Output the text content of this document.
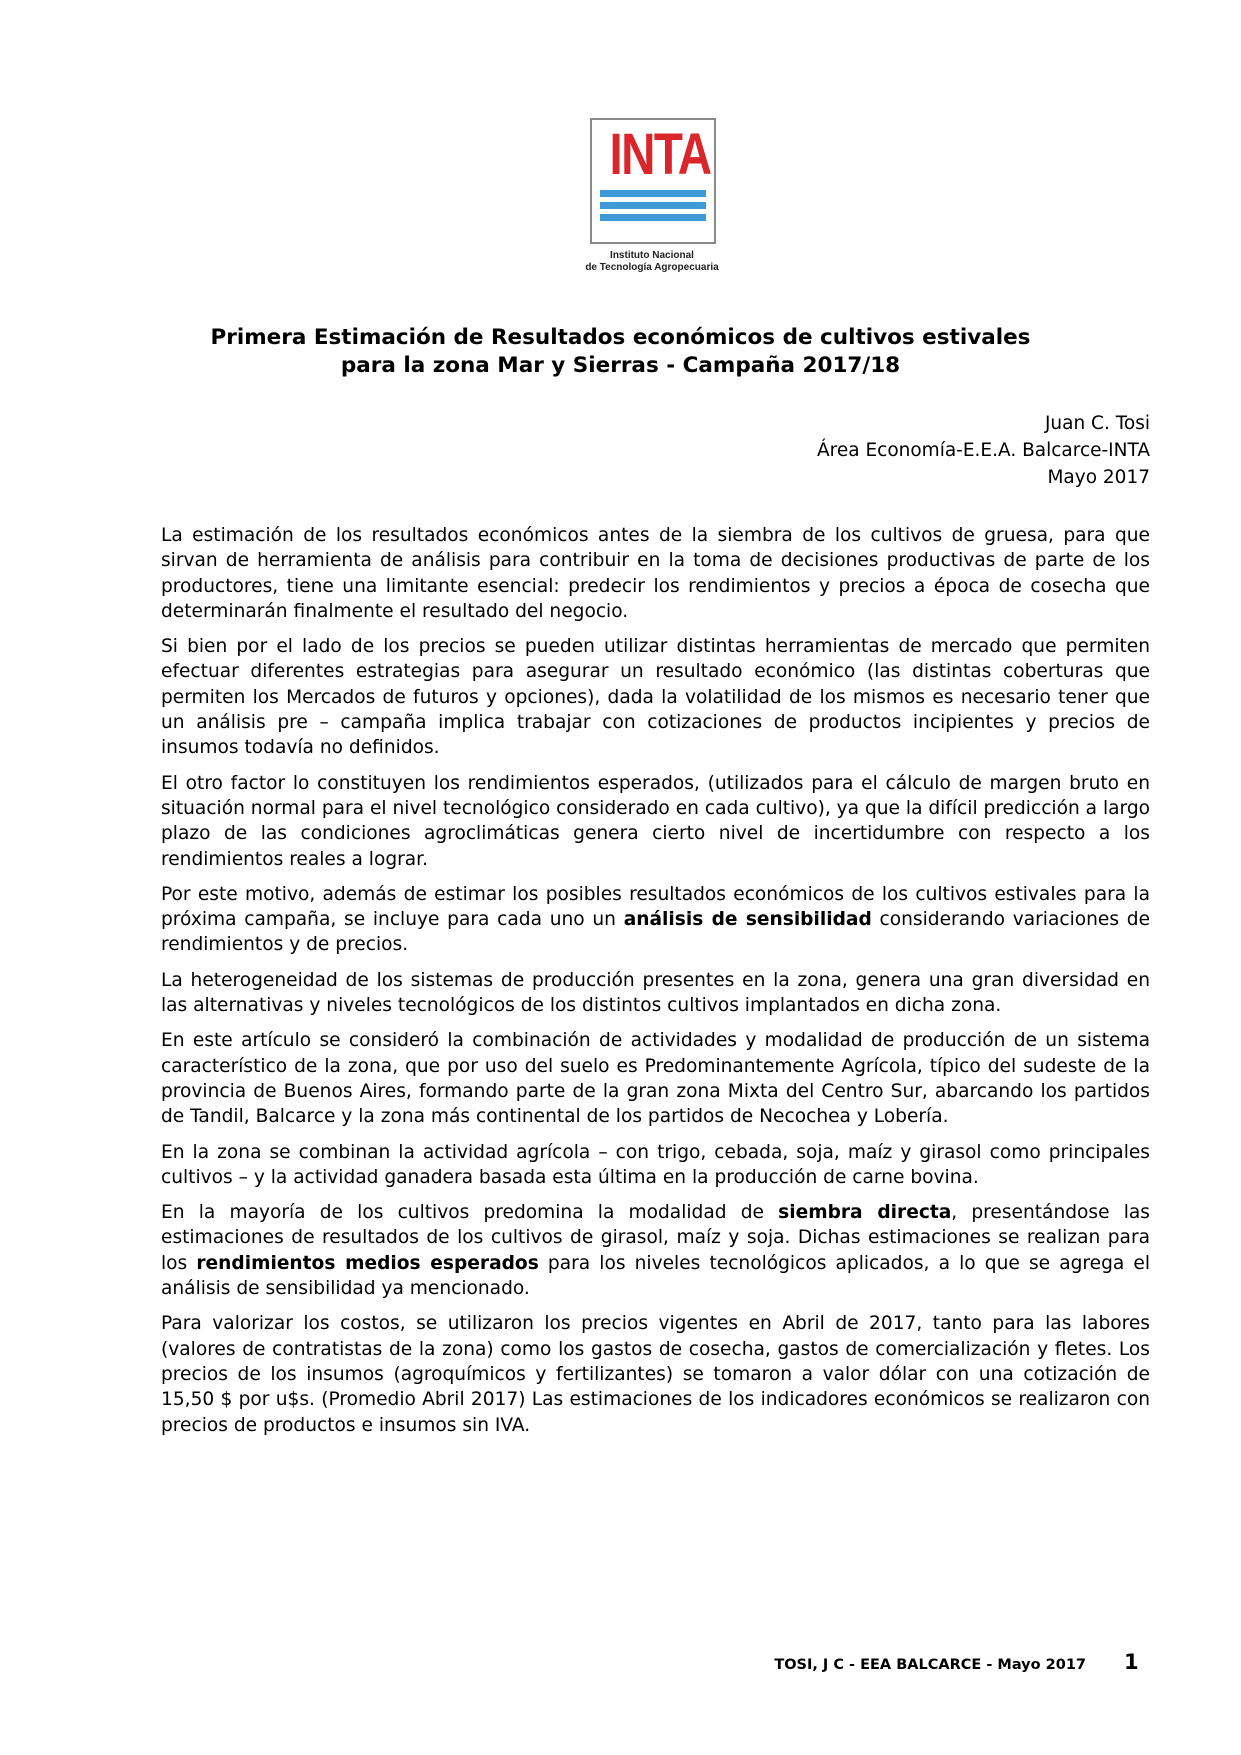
INTA
Instituto Nacional
de Tecnología Agropecuaria
Primera Estimación de Resultados económicos de cultivos estivales
para la zona Mar y Sierras - Campaña 2017/18
Juan C. Tosi
Área Economía-E.E.A. Balcarce-INTA
Mayo 2017

La estimación de los resultados económicos antes de la siembra de los cultivos de gruesa, para que sirvan de herramienta de análisis para contribuir en la toma de decisiones productivas de parte de los productores, tiene una limitante esencial: predecir los rendimientos y precios a época de cosecha que determinarán finalmente el resultado del negocio.

Si bien por el lado de los precios se pueden utilizar distintas herramientas de mercado que permiten efectuar diferentes estrategias para asegurar un resultado económico (las distintas coberturas que permiten los Mercados de futuros y opciones), dada la volatilidad de los mismos es necesario tener que un análisis pre – campaña implica trabajar con cotizaciones de productos incipientes y precios de insumos todavía no definidos.

El otro factor lo constituyen los rendimientos esperados, (utilizados para el cálculo de margen bruto en situación normal para el nivel tecnológico considerado en cada cultivo), ya que la difícil predicción a largo plazo de las condiciones agroclimáticas genera cierto nivel de incertidumbre con respecto a los rendimientos reales a lograr.

Por este motivo, además de estimar los posibles resultados económicos de los cultivos estivales para la próxima campaña, se incluye para cada uno un análisis de sensibilidad considerando variaciones de rendimientos y de precios.

La heterogeneidad de los sistemas de producción presentes en la zona, genera una gran diversidad en las alternativas y niveles tecnológicos de los distintos cultivos implantados en dicha zona.

En este artículo se consideró la combinación de actividades y modalidad de producción de un sistema característico de la zona, que por uso del suelo es Predominantemente Agrícola, típico del sudeste de la provincia de Buenos Aires, formando parte de la gran zona Mixta del Centro Sur, abarcando los partidos de Tandil, Balcarce y la zona más continental de los partidos de Necochea y Lobería.

En la zona se combinan la actividad agrícola – con trigo, cebada, soja, maíz y girasol como principales cultivos – y la actividad ganadera basada esta última en la producción de carne bovina.

En la mayoría de los cultivos predomina la modalidad de siembra directa, presentándose las estimaciones de resultados de los cultivos de girasol, maíz y soja. Dichas estimaciones se realizan para los rendimientos medios esperados para los niveles tecnológicos aplicados, a lo que se agrega el análisis de sensibilidad ya mencionado.

Para valorizar los costos, se utilizaron los precios vigentes en Abril de 2017, tanto para las labores (valores de contratistas de la zona) como los gastos de cosecha, gastos de comercialización y fletes. Los precios de los insumos (agroquímicos y fertilizantes) se tomaron a valor dólar con una cotización de 15,50 $ por u$s. (Promedio Abril 2017) Las estimaciones de los indicadores económicos se realizaron con precios de productos e insumos sin IVA.

TOSI, J C - EEA BALCARCE - Mayo 2017 1
